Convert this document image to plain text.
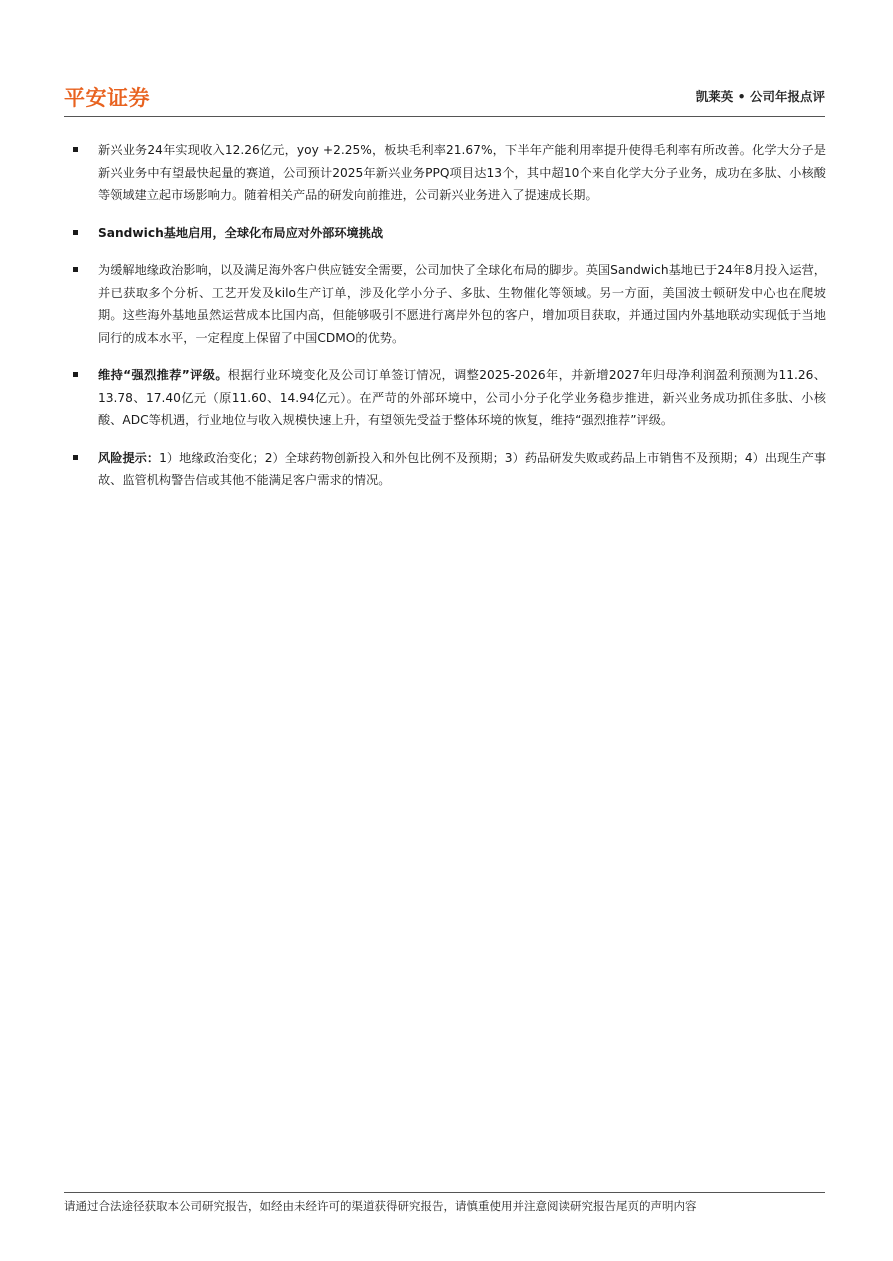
平安证券	凯莱英 • 公司年报点评
新兴业务24年实现收入12.26亿元，yoy +2.25%，板块毛利率21.67%，下半年产能利用率提升使得毛利率有所改善。化学大分子是新兴业务中有望最快起量的赛道，公司预计2025年新兴业务PPQ项目达13个，其中超10个来自化学大分子业务，成功在多肽、小核酸等领域建立起市场影响力。随着相关产品的研发向前推进，公司新兴业务进入了提速成长期。
Sandwich基地启用，全球化布局应对外部环境挑战
为缓解地缘政治影响，以及满足海外客户供应链安全需要，公司加快了全球化布局的脚步。英国Sandwich基地已于24年8月投入运营，并已获取多个分析、工艺开发及kilo生产订单，涉及化学小分子、多肽、生物催化等领域。另一方面，美国波士顿研发中心也在爬坡期。这些海外基地虽然运营成本比国内高，但能够吸引不愿进行离岸外包的客户，增加项目获取，并通过国内外基地联动实现低于当地同行的成本水平，一定程度上保留了中国CDMO的优势。
维持“强烈推荐”评级。根据行业环境变化及公司订单签订情况，调整2025-2026年，并新增2027年归母净利润盈利预测为11.26、13.78、17.40亿元（原11.60、14.94亿元）。在严苛的外部环境中，公司小分子化学业务稳步推进，新兴业务成功抓住多肽、小核酸、ADC等机遇，行业地位与收入规模快速上升，有望领先受益于整体环境的恢复，维持“强烈推荐”评级。
风险提示：1）地缘政治变化；2）全球药物创新投入和外包比例不及预期；3）药品研发失败或药品上市销售不及预期；4）出现生产事故、监管机构警告信或其他不能满足客户需求的情况。
请通过合法途径获取本公司研究报告，如经由未经许可的渠道获得研究报告，请慎重使用并注意阅读研究报告尾页的声明内容
